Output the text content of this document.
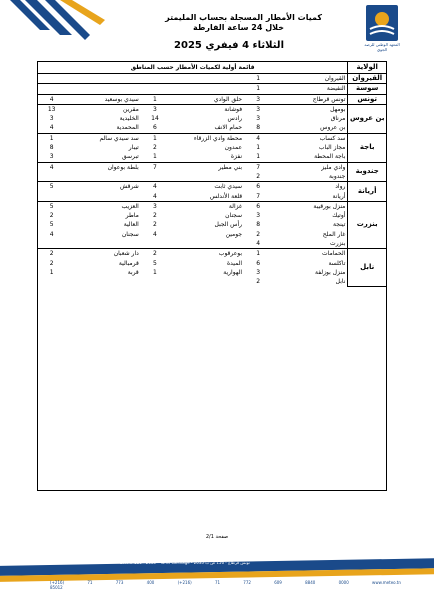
المعهد الوطني للرصد الجوي
كميات الأمطار المسجلة بحساب المليمتر
خلال 24 ساعة الفارطة
الثلاثاء 4 فيفري 2025
الولاية	قائمة أولية لكميات الأمطار حسب المناطق					
القيروان	القيروان	1				
سوسة	النفيضة	1				
تونس	تونس قرطاج	3	حلق الوادي	1	سيدي بوسعيد	4
بن عروس	بومهل	3	فوشانة	3	مقرين	13
	مرناق	3	رادس	14	الخليدية	3
	بن عروس	8	حمام الانف	6	المحمدية	4
باجة	سد كساب	4	محطة وادي الزرقاء	1	سد سيدي سالم	1
	مجاز الباب	1	عمدون	2	تيبار	8
	باجة المحطة	1	نفزة	1	تبرسق	3
جندوبة	وادي مليز	7	بني مطير	7	بلطة بوعوان	4
	جندوبة	2				
أريانة	رواد	6	سيدي ثابت	4	شرقش	5
	أريانة	7	قلعة الأندلس	4		
بنزرت	منزل بورقيبة	6	غزالة	3	العزيب	5
	أوتيك	3	سجنان	2	ماطر	2
	تينجة	8	رأس الجبل	2	العالية	5
	غار الملح	2	جومين	4	سجنان	4
	بنزرت	4				
نابل	الحمامات	1	بوعرقوب	2	دار شعبان	2
	تاكلسة	6	الميدة	5	قرمبالية	2
	منزل بوزلفة	3	الهوارية	1	قربة	1
	نابل	2				
صفحة 2/1
B. P. n°156 - 2035 - Tunis Carthage - 2035 تونس قرطاج - 156 ص ب
(+216) 71 773 400	(+216) 71 772 609	8840 0000	www.meteo.tn 85012
